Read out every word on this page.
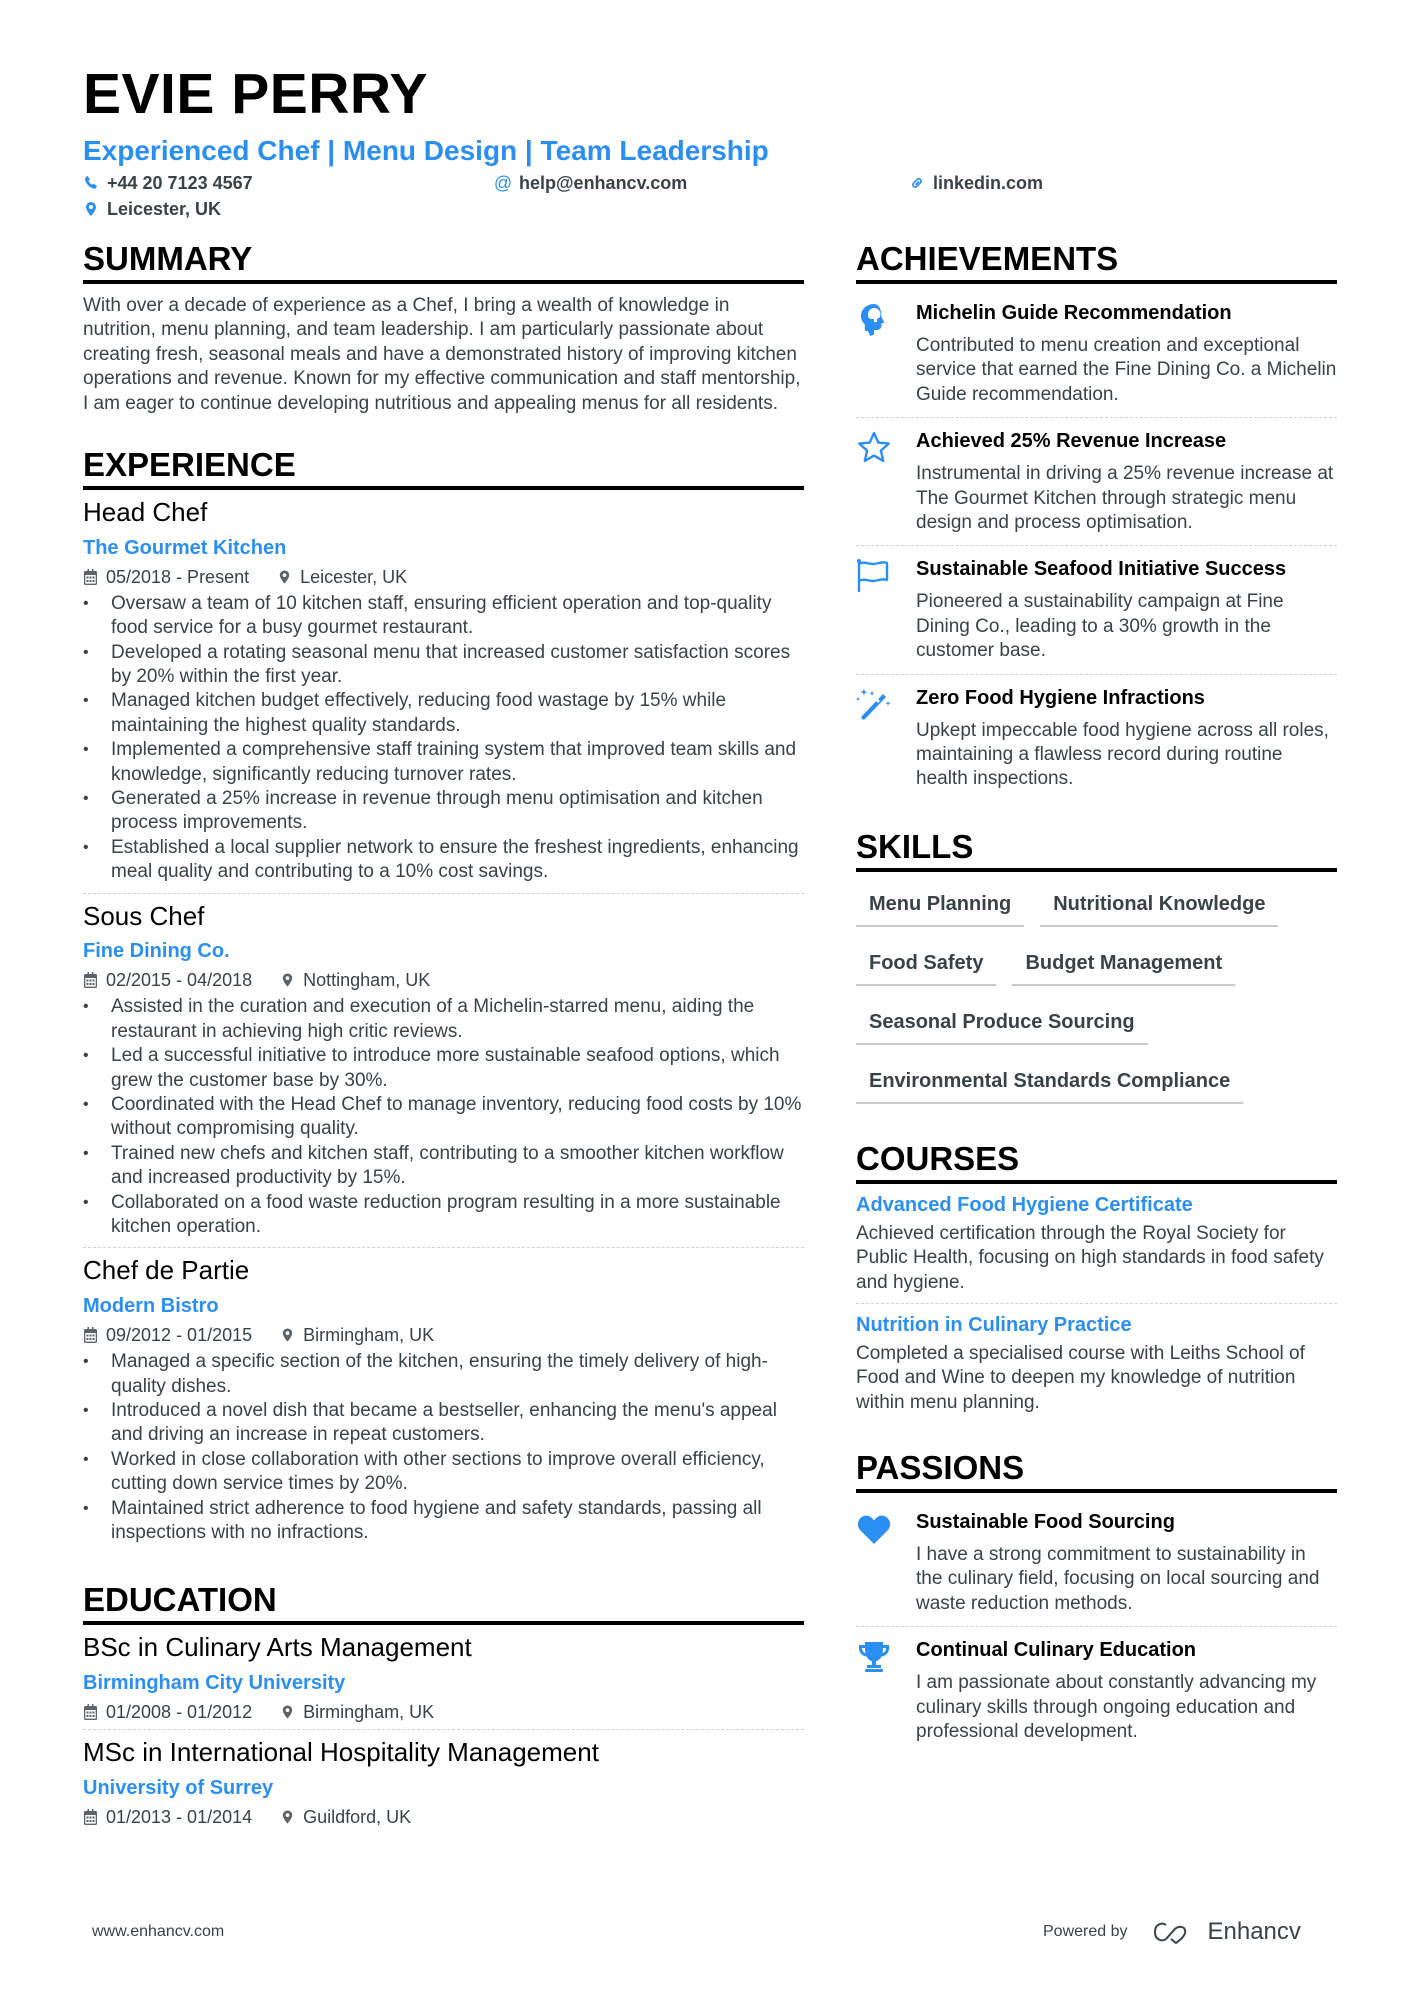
EVIE PERRY
Experienced Chef | Menu Design | Team Leadership
+44 20 7123 4567	@ help@enhancv.com	linkedin.com
Leicester, UK
SUMMARY

With over a decade of experience as a Chef, I bring a wealth of knowledge in nutrition, menu planning, and team leadership. I am particularly passionate about creating fresh, seasonal meals and have a demonstrated history of improving kitchen operations and revenue. Known for my effective communication and staff mentorship, I am eager to continue developing nutritious and appealing menus for all residents.

EXPERIENCE
Head Chef
The Gourmet Kitchen
05/2018 - Present	Leicester, UK
• Oversaw a team of 10 kitchen staff, ensuring efficient operation and top-quality food service for a busy gourmet restaurant.
• Developed a rotating seasonal menu that increased customer satisfaction scores by 20% within the first year.
• Managed kitchen budget effectively, reducing food wastage by 15% while maintaining the highest quality standards.
• Implemented a comprehensive staff training system that improved team skills and knowledge, significantly reducing turnover rates.
• Generated a 25% increase in revenue through menu optimisation and kitchen process improvements.
• Established a local supplier network to ensure the freshest ingredients, enhancing meal quality and contributing to a 10% cost savings.
Sous Chef
Fine Dining Co.
02/2015 - 04/2018	Nottingham, UK
• Assisted in the curation and execution of a Michelin-starred menu, aiding the restaurant in achieving high critic reviews.
• Led a successful initiative to introduce more sustainable seafood options, which grew the customer base by 30%.
• Coordinated with the Head Chef to manage inventory, reducing food costs by 10% without compromising quality.
• Trained new chefs and kitchen staff, contributing to a smoother kitchen workflow and increased productivity by 15%.
• Collaborated on a food waste reduction program resulting in a more sustainable kitchen operation.
Chef de Partie
Modern Bistro
09/2012 - 01/2015	Birmingham, UK
• Managed a specific section of the kitchen, ensuring the timely delivery of high-quality dishes.
• Introduced a novel dish that became a bestseller, enhancing the menu's appeal and driving an increase in repeat customers.
• Worked in close collaboration with other sections to improve overall efficiency, cutting down service times by 20%.
• Maintained strict adherence to food hygiene and safety standards, passing all inspections with no infractions.
EDUCATION
BSc in Culinary Arts Management
Birmingham City University
01/2008 - 01/2012	Birmingham, UK
MSc in International Hospitality Management
University of Surrey
01/2013 - 01/2014	Guildford, UK
ACHIEVEMENTS
Michelin Guide Recommendation
Contributed to menu creation and exceptional service that earned the Fine Dining Co. a Michelin Guide recommendation.
Achieved 25% Revenue Increase
Instrumental in driving a 25% revenue increase at The Gourmet Kitchen through strategic menu design and process optimisation.
Sustainable Seafood Initiative Success
Pioneered a sustainability campaign at Fine Dining Co., leading to a 30% growth in the customer base.
Zero Food Hygiene Infractions
Upkept impeccable food hygiene across all roles, maintaining a flawless record during routine health inspections.
SKILLS
Menu Planning	Nutritional Knowledge
Food Safety	Budget Management
Seasonal Produce Sourcing
Environmental Standards Compliance
COURSES
Advanced Food Hygiene Certificate
Achieved certification through the Royal Society for Public Health, focusing on high standards in food safety and hygiene.
Nutrition in Culinary Practice
Completed a specialised course with Leiths School of Food and Wine to deepen my knowledge of nutrition within menu planning.
PASSIONS
Sustainable Food Sourcing
I have a strong commitment to sustainability in the culinary field, focusing on local sourcing and waste reduction methods.
Continual Culinary Education
I am passionate about constantly advancing my culinary skills through ongoing education and professional development.
www.enhancv.com	Powered by	Enhancv
